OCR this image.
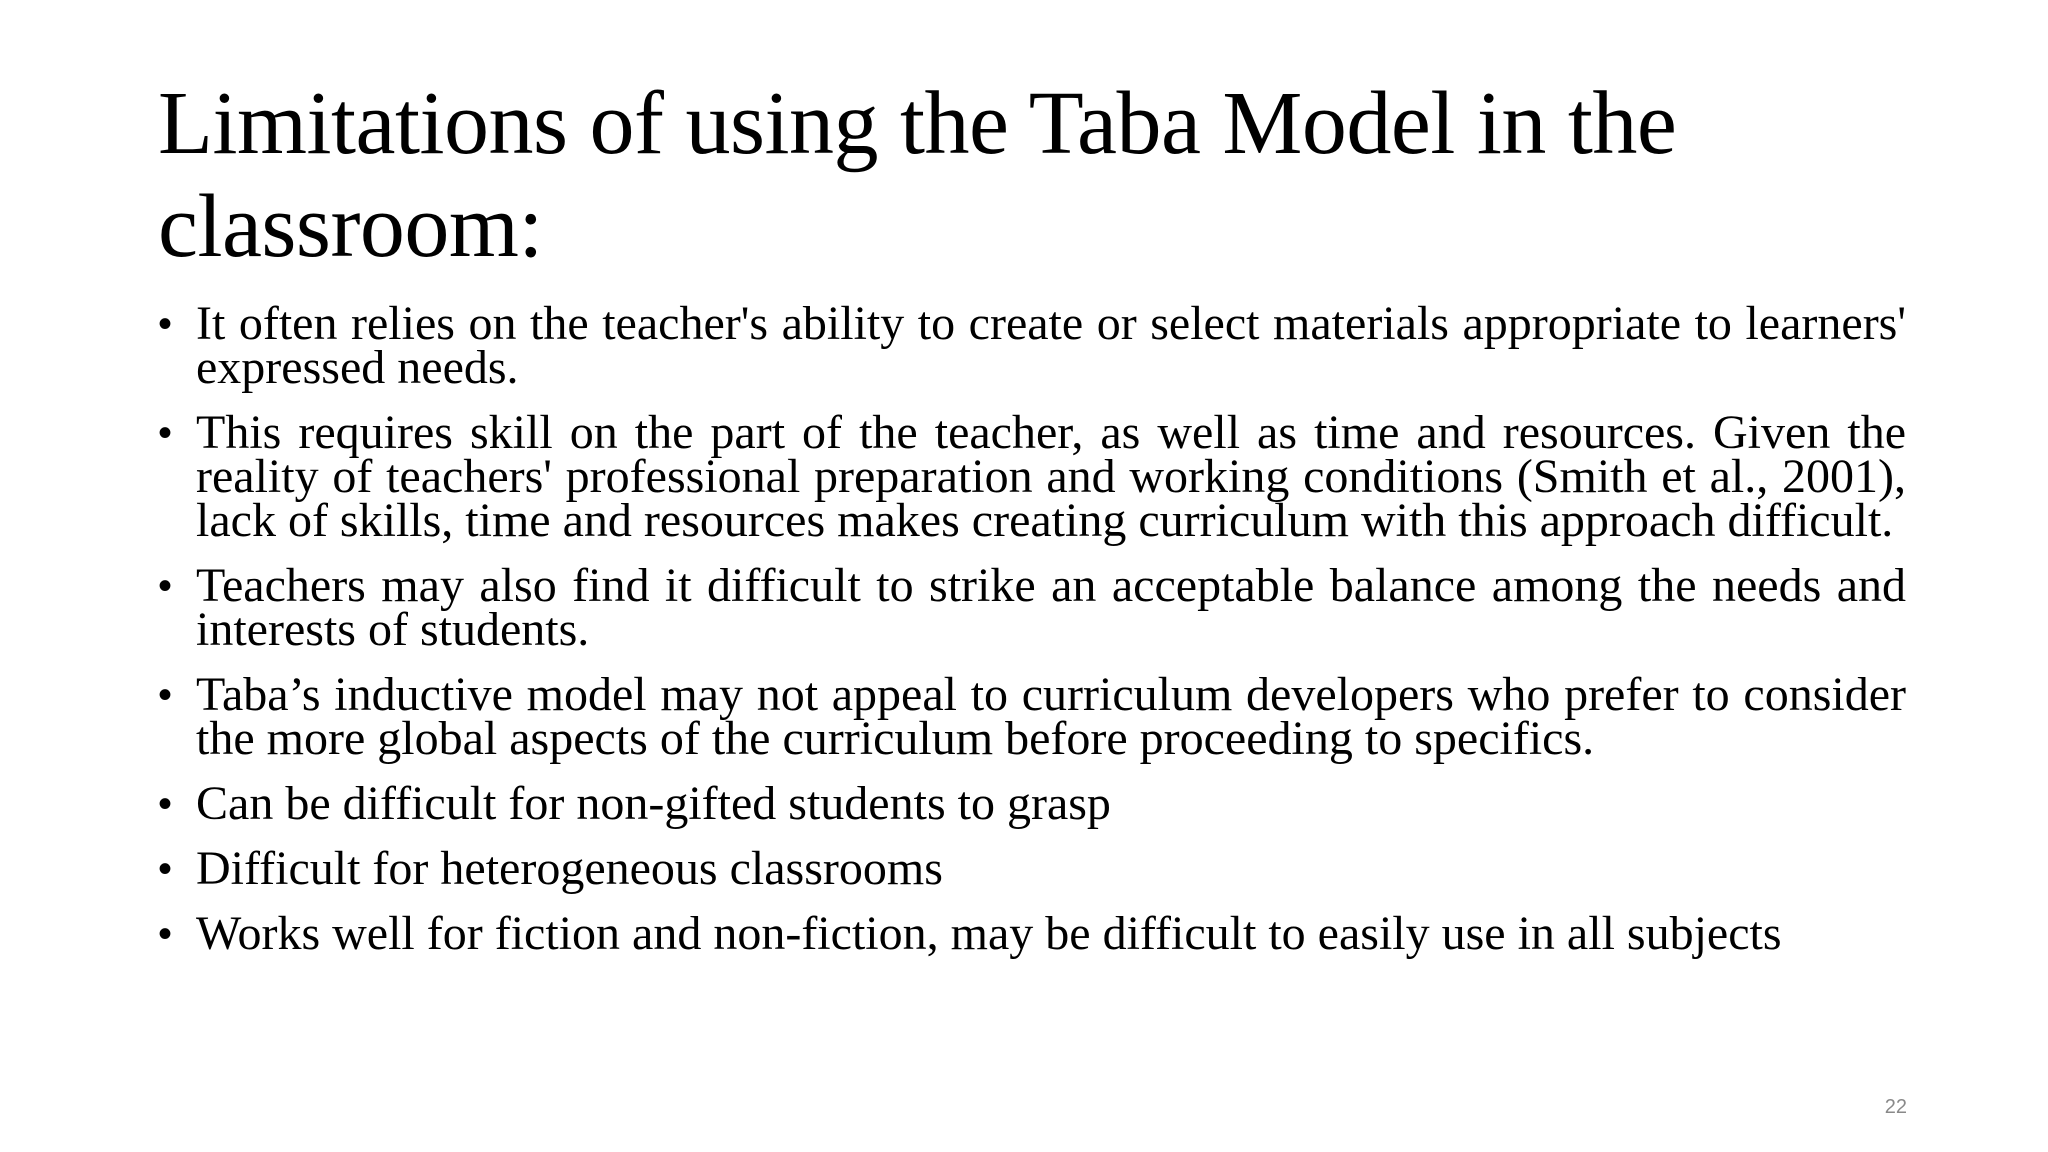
Limitations of using the Taba Model in the classroom:
• It often relies on the teacher's ability to create or select materials appropriate to learners' expressed needs.
• This requires skill on the part of the teacher, as well as time and resources. Given the reality of teachers' professional preparation and working conditions (Smith et al., 2001), lack of skills, time and resources makes creating curriculum with this approach difficult.
• Teachers may also find it difficult to strike an acceptable balance among the needs and interests of students.
• Taba’s inductive model may not appeal to curriculum developers who prefer to consider the more global aspects of the curriculum before proceeding to specifics.
• Can be difficult for non-gifted students to grasp
• Difficult for heterogeneous classrooms
• Works well for fiction and non-fiction, may be difficult to easily use in all subjects
22
